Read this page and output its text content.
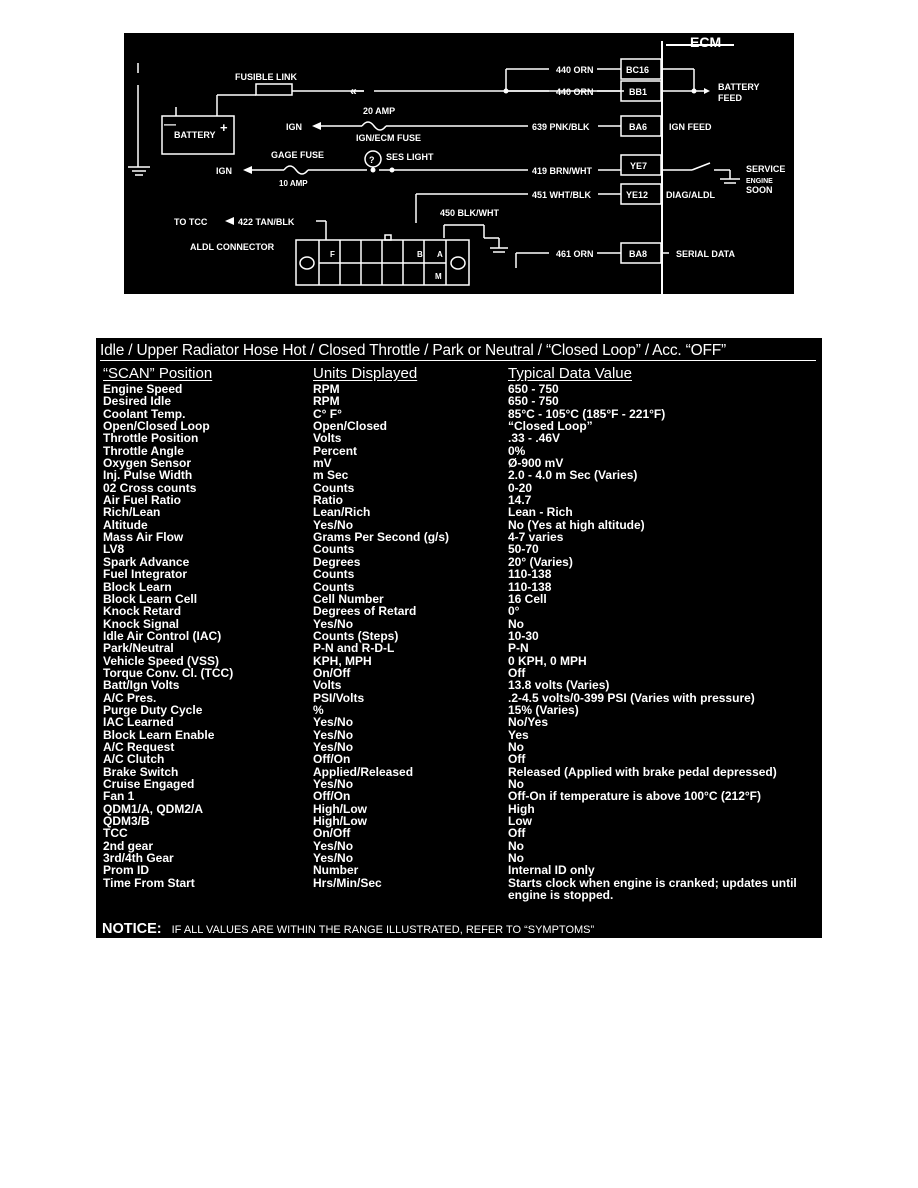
«
ECM
FUSIBLE LINK
BATTERY +
—
20 AMP
IGN/ECM FUSE
IGN
IGN
GAGE FUSE
10 AMP
SES LIGHT
?
440 ORN
440 ORN
639 PNK/BLK
419 BRN/WHT
451 WHT/BLK
450 BLK/WHT
461 ORN
422 TAN/BLK
TO TCC
ALDL CONNECTOR
BC16
BB1
BA6
YE7
YE12
BA8
BATTERY
FEED
IGN FEED
SERVICE
ENGINE
SOON
DIAG/ALDL
SERIAL DATA
F	B A
M
Idle / Upper Radiator Hose Hot / Closed Throttle / Park or Neutral / “Closed Loop” / Acc. “OFF”
“SCAN” Position	Units Displayed	Typical Data Value
Engine Speed	RPM	650 - 750
Desired Idle	RPM	650 - 750
Coolant Temp.	C° F°	85°C - 105°C (185°F - 221°F)
Open/Closed Loop	Open/Closed	“Closed Loop”
Throttle Position	Volts	.33 - .46V
Throttle Angle	Percent	0%
Oxygen Sensor	mV	Ø-900 mV
Inj. Pulse Width	m Sec	2.0 - 4.0 m Sec (Varies)
02 Cross counts	Counts	0-20
Air Fuel Ratio	Ratio	14.7
Rich/Lean	Lean/Rich	Lean - Rich
Altitude	Yes/No	No (Yes at high altitude)
Mass Air Flow	Grams Per Second (g/s)	4-7 varies
LV8	Counts	50-70
Spark Advance	Degrees	20° (Varies)
Fuel Integrator	Counts	110-138
Block Learn	Counts	110-138
Block Learn Cell	Cell Number	16 Cell
Knock Retard	Degrees of Retard	0°
Knock Signal	Yes/No	No
Idle Air Control (IAC)	Counts (Steps)	10-30
Park/Neutral	P-N and R-D-L	P-N
Vehicle Speed (VSS)	KPH, MPH	0 KPH, 0 MPH
Torque Conv. Cl. (TCC)	On/Off	Off
Batt/Ign Volts	Volts	13.8 volts (Varies)
A/C Pres.	PSI/Volts	.2-4.5 volts/0-399 PSI (Varies with pressure)
Purge Duty Cycle	%	15% (Varies)
IAC Learned	Yes/No	No/Yes
Block Learn Enable	Yes/No	Yes
A/C Request	Yes/No	No
A/C Clutch	Off/On	Off
Brake Switch	Applied/Released	Released (Applied with brake pedal depressed)
Cruise Engaged	Yes/No	No
Fan 1	Off/On	Off-On if temperature is above 100°C (212°F)
QDM1/A, QDM2/A	High/Low	High
QDM3/B	High/Low	Low
TCC	On/Off	Off
2nd gear	Yes/No	No
3rd/4th Gear	Yes/No	No
Prom ID	Number	Internal ID only
Time From Start	Hrs/Min/Sec	Starts clock when engine is cranked; updates until engine is stopped.
NOTICE: IF ALL VALUES ARE WITHIN THE RANGE ILLUSTRATED, REFER TO “SYMPTOMS”
